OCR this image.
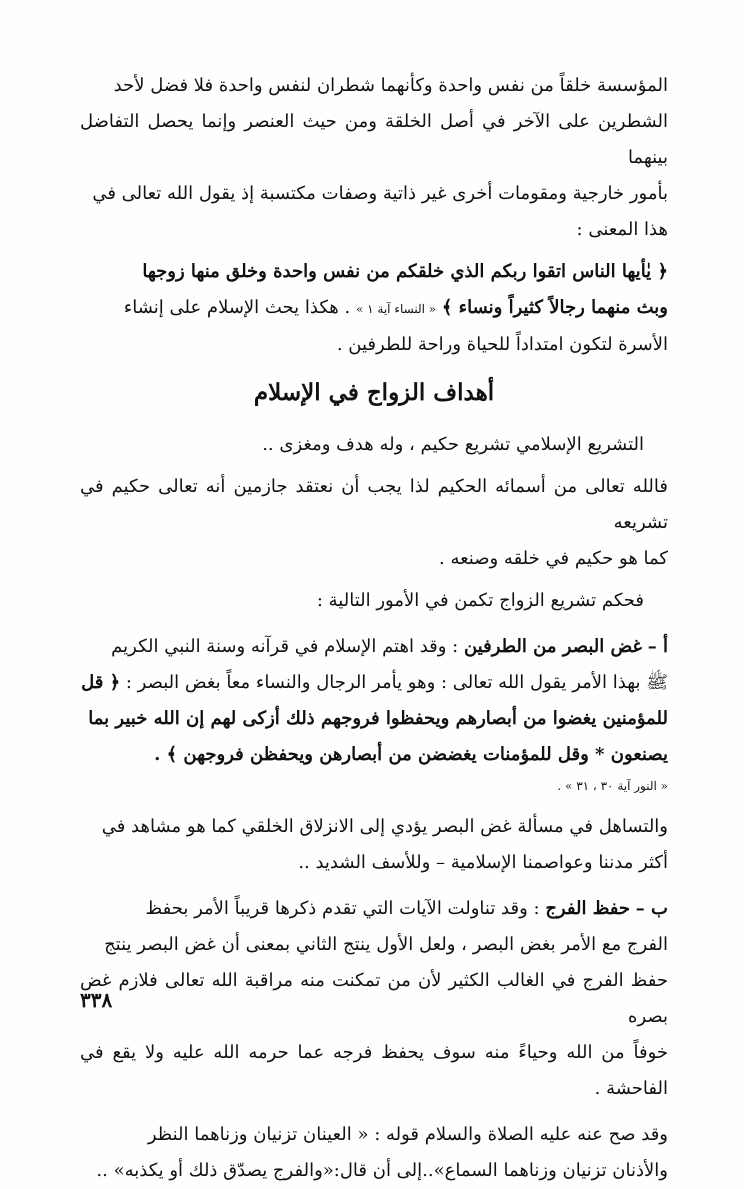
المؤسسة خلقاً من نفس واحدة وكأنهما شطران لنفس واحدة فلا فضل لأحد
الشطرين على الآخر في أصل الخلقة ومن حيث العنصر وإنما يحصل التفاضل بينهما
بأمور خارجية ومقومات أخرى غير ذاتية وصفات مكتسبة إذ يقول الله تعالى في
هذا المعنى :
﴿ يٰأيها الناس اتقوا ربكم الذي خلقكم من نفس واحدة وخلق منها زوجها
وبث منهما رجالاً كثيراً ونساء ﴾ « النساء آية ١ » . هكذا يحث الإسلام على إنشاء
الأسرة لتكون امتداداً للحياة وراحة للطرفين .
أهداف الزواج في الإسلام
التشريع الإسلامي تشريع حكيم ، وله هدف ومغزى ..
فالله تعالى من أسمائه الحكيم لذا يجب أن نعتقد جازمين أنه تعالى حكيم في تشريعه
كما هو حكيم في خلقه وصنعه .
فحكم تشريع الزواج تكمن في الأمور التالية :
أ – غض البصر من الطرفين : وقد اهتم الإسلام في قرآنه وسنة النبي الكريم
ﷺ بهذا الأمر يقول الله تعالى : وهو يأمر الرجال والنساء معاً بغض البصر : ﴿ قل
للمؤمنين يغضوا من أبصارهم ويحفظوا فروجهم ذلك أزكى لهم إن الله خبير بما
يصنعون * وقل للمؤمنات يغضضن من أبصارهن ويحفظن فروجهن ﴾ .
« النور آية ٣٠ ، ٣١ » .
والتساهل في مسألة غض البصر يؤدي إلى الانزلاق الخلقي كما هو مشاهد في
أكثر مدننا وعواصمنا الإسلامية – وللأسف الشديد ..
ب – حفظ الفرج : وقد تناولت الآيات التي تقدم ذكرها قريباً الأمر بحفظ
الفرج مع الأمر بغض البصر ، ولعل الأول ينتج الثاني بمعنى أن غض البصر ينتج
حفظ الفرج في الغالب الكثير لأن من تمكنت منه مراقبة الله تعالى فلازم غض بصره
خوفاً من الله وحياءً منه سوف يحفظ فرجه عما حرمه الله عليه ولا يقع في الفاحشة .
وقد صح عنه عليه الصلاة والسلام قوله : « العينان تزنيان وزناهما النظر
والأذنان تزنيان وزناهما السماع»..إلى أن قال:«والفرج يصدّق ذلك أو يكذبه» ..
٣٣٨
